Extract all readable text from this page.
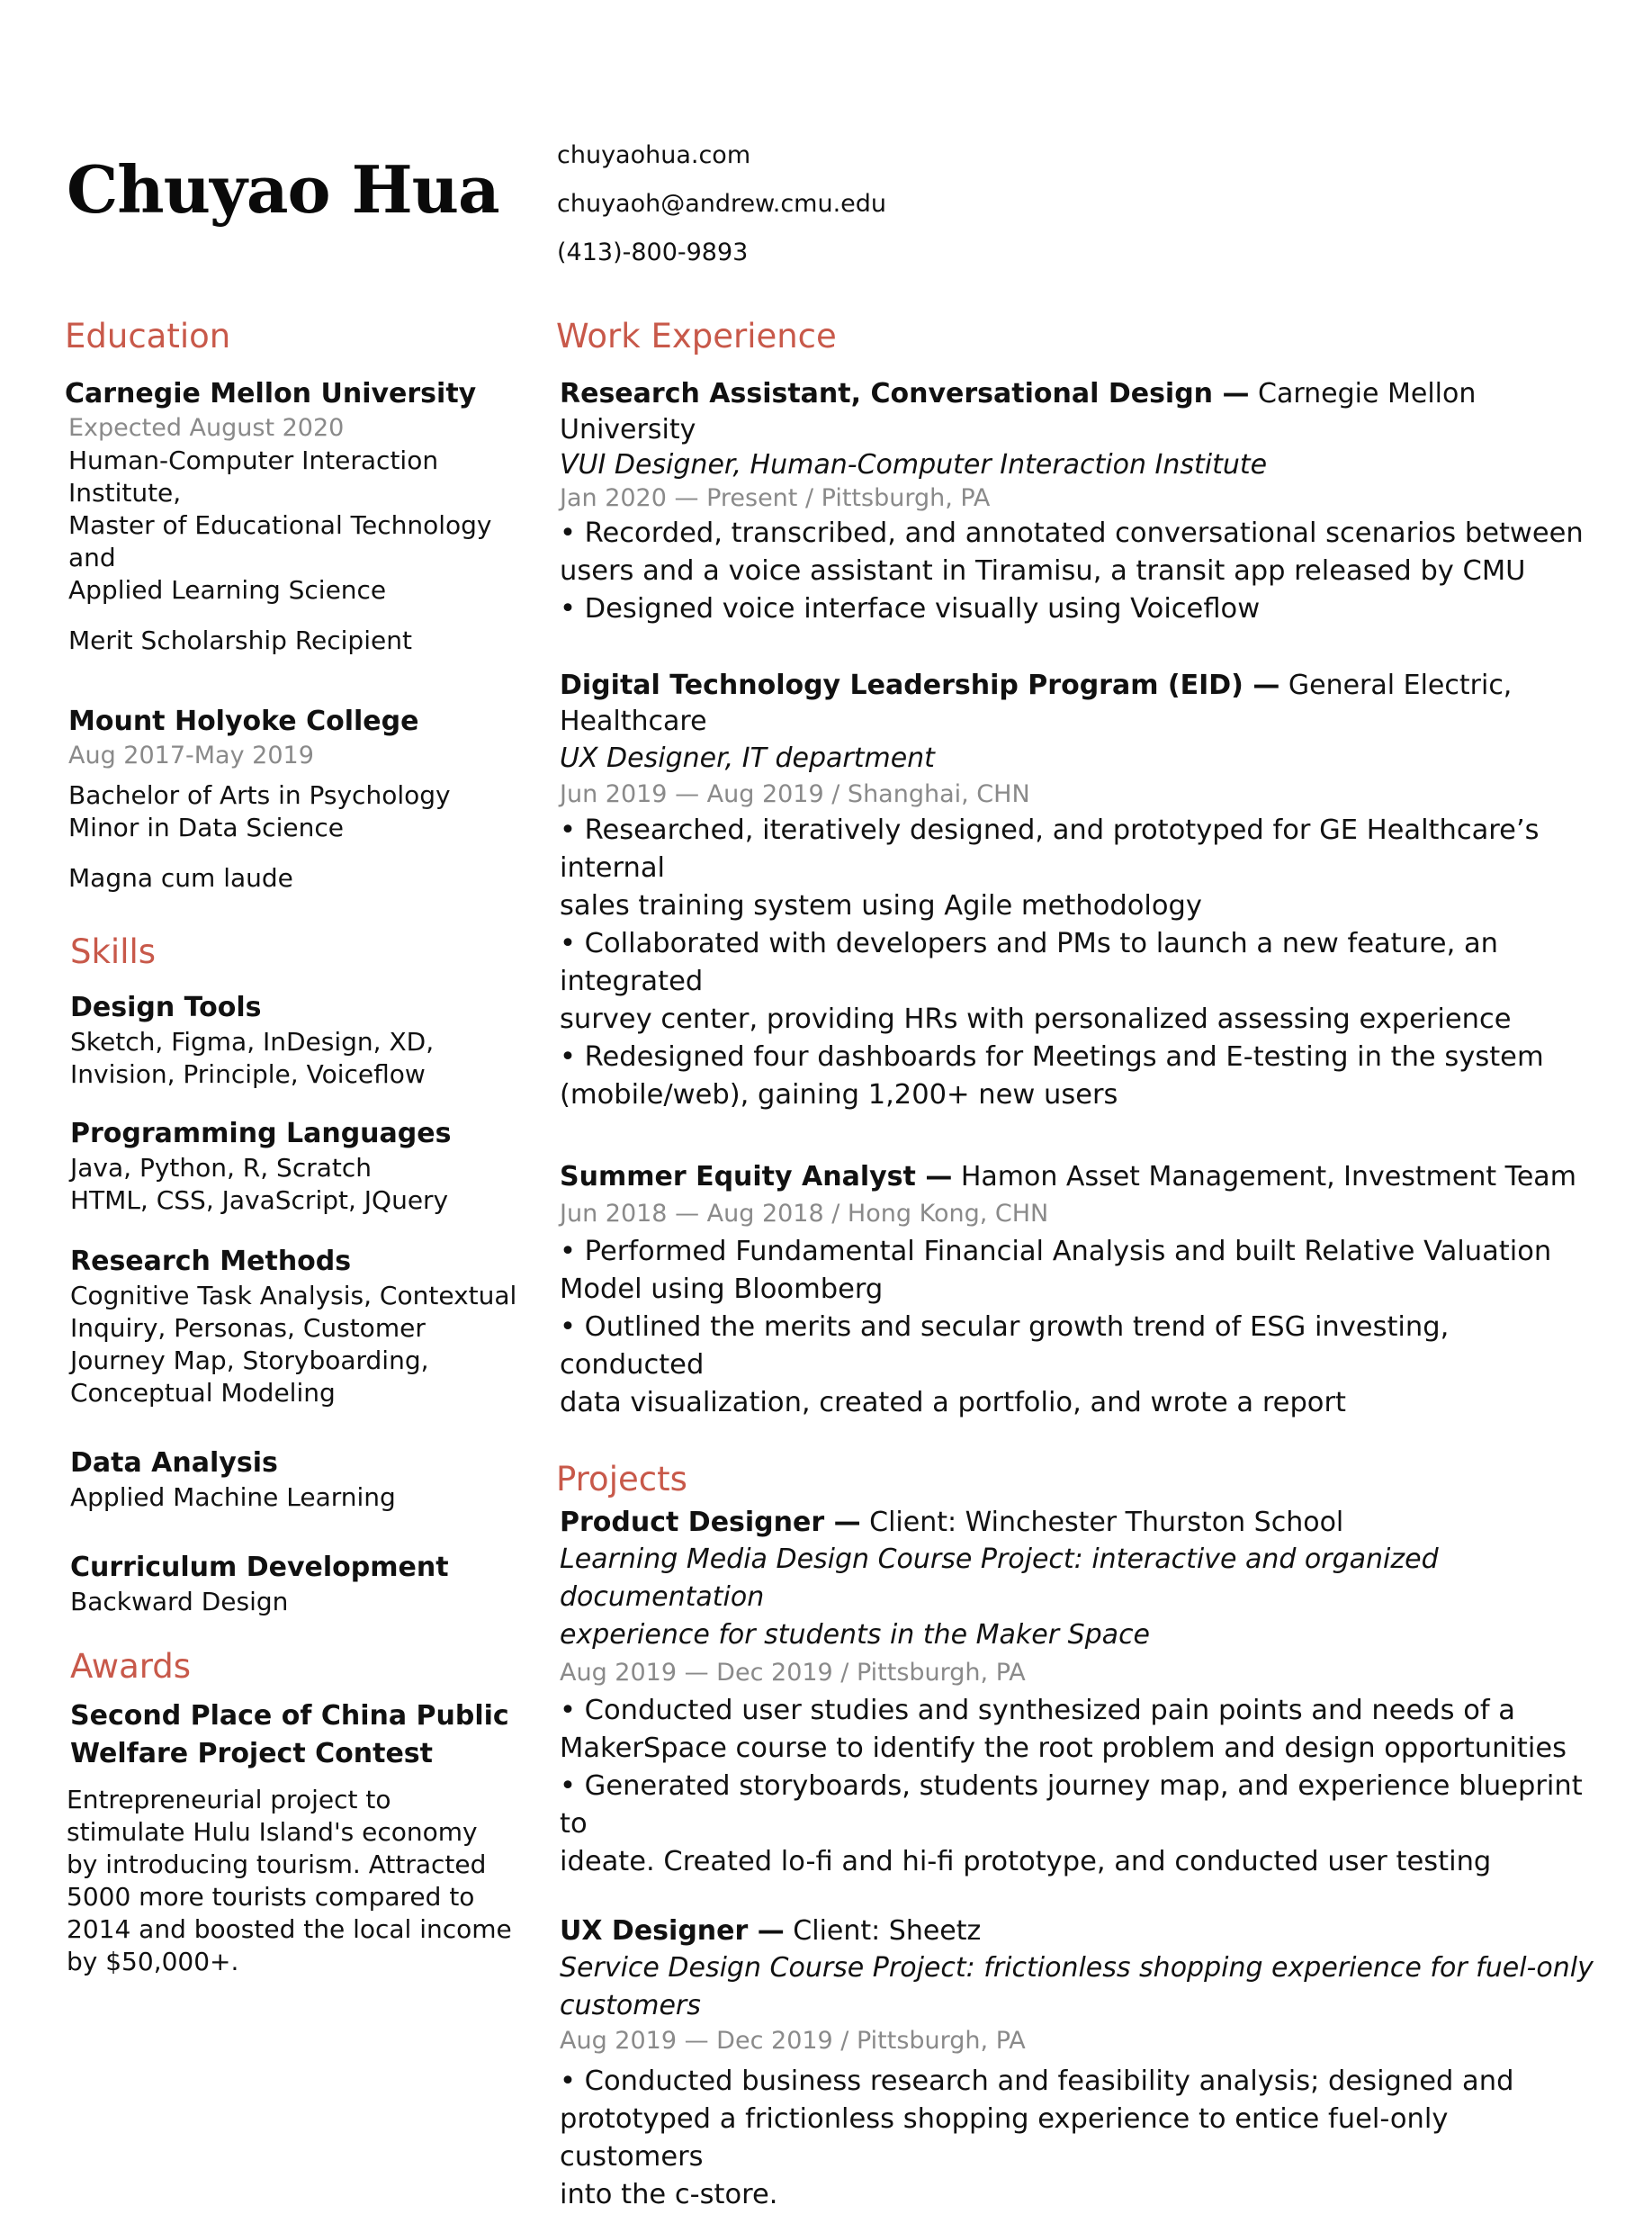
Chuyao Hua chuyaohua.com
chuyaoh@andrew.cmu.edu
(413)-800-9893
Education
Carnegie Mellon University
Expected August 2020
Human-Computer Interaction Institute,
Master of Educational Technology and
Applied Learning Science
Merit Scholarship Recipient
Mount Holyoke College
Aug 2017-May 2019
Bachelor of Arts in Psychology
Minor in Data Science
Magna cum laude
Skills
Design Tools
Sketch, Figma, InDesign, XD,
Invision, Principle, Voiceflow
Programming Languages
Java, Python, R, Scratch
HTML, CSS, JavaScript, JQuery
Research Methods
Cognitive Task Analysis, Contextual
Inquiry, Personas, Customer
Journey Map, Storyboarding,
Conceptual Modeling
Data Analysis
Applied Machine Learning
Curriculum Development
Backward Design
Awards
Second Place of China Public
Welfare Project Contest
Entrepreneurial project to
stimulate Hulu Island's economy
by introducing tourism. Attracted
5000 more tourists compared to
2014 and boosted the local income
by $50,000+.
Work Experience
Research Assistant, Conversational Design — Carnegie Mellon University
VUI Designer, Human-Computer Interaction Institute
Jan 2020 — Present / Pittsburgh, PA
• Recorded, transcribed, and annotated conversational scenarios between
users and a voice assistant in Tiramisu, a transit app released by CMU
• Designed voice interface visually using Voiceflow
Digital Technology Leadership Program (EID) — General Electric, Healthcare
UX Designer, IT department
Jun 2019 — Aug 2019 / Shanghai, CHN
• Researched, iteratively designed, and prototyped for GE Healthcare’s internal
sales training system using Agile methodology
• Collaborated with developers and PMs to launch a new feature, an integrated
survey center, providing HRs with personalized assessing experience
• Redesigned four dashboards for Meetings and E-testing in the system
(mobile/web), gaining 1,200+ new users
Summer Equity Analyst — Hamon Asset Management, Investment Team
Jun 2018 — Aug 2018 / Hong Kong, CHN
• Performed Fundamental Financial Analysis and built Relative Valuation
Model using Bloomberg
• Outlined the merits and secular growth trend of ESG investing, conducted
data visualization, created a portfolio, and wrote a report
Projects
Product Designer — Client: Winchester Thurston School
Learning Media Design Course Project: interactive and organized documentation
experience for students in the Maker Space
Aug 2019 — Dec 2019 / Pittsburgh, PA
• Conducted user studies and synthesized pain points and needs of a
MakerSpace course to identify the root problem and design opportunities
• Generated storyboards, students journey map, and experience blueprint to
ideate. Created lo-fi and hi-fi prototype, and conducted user testing
UX Designer — Client: Sheetz
Service Design Course Project: frictionless shopping experience for fuel-only customers
Aug 2019 — Dec 2019 / Pittsburgh, PA
• Conducted business research and feasibility analysis; designed and
prototyped a frictionless shopping experience to entice fuel-only customers
into the c-store.
